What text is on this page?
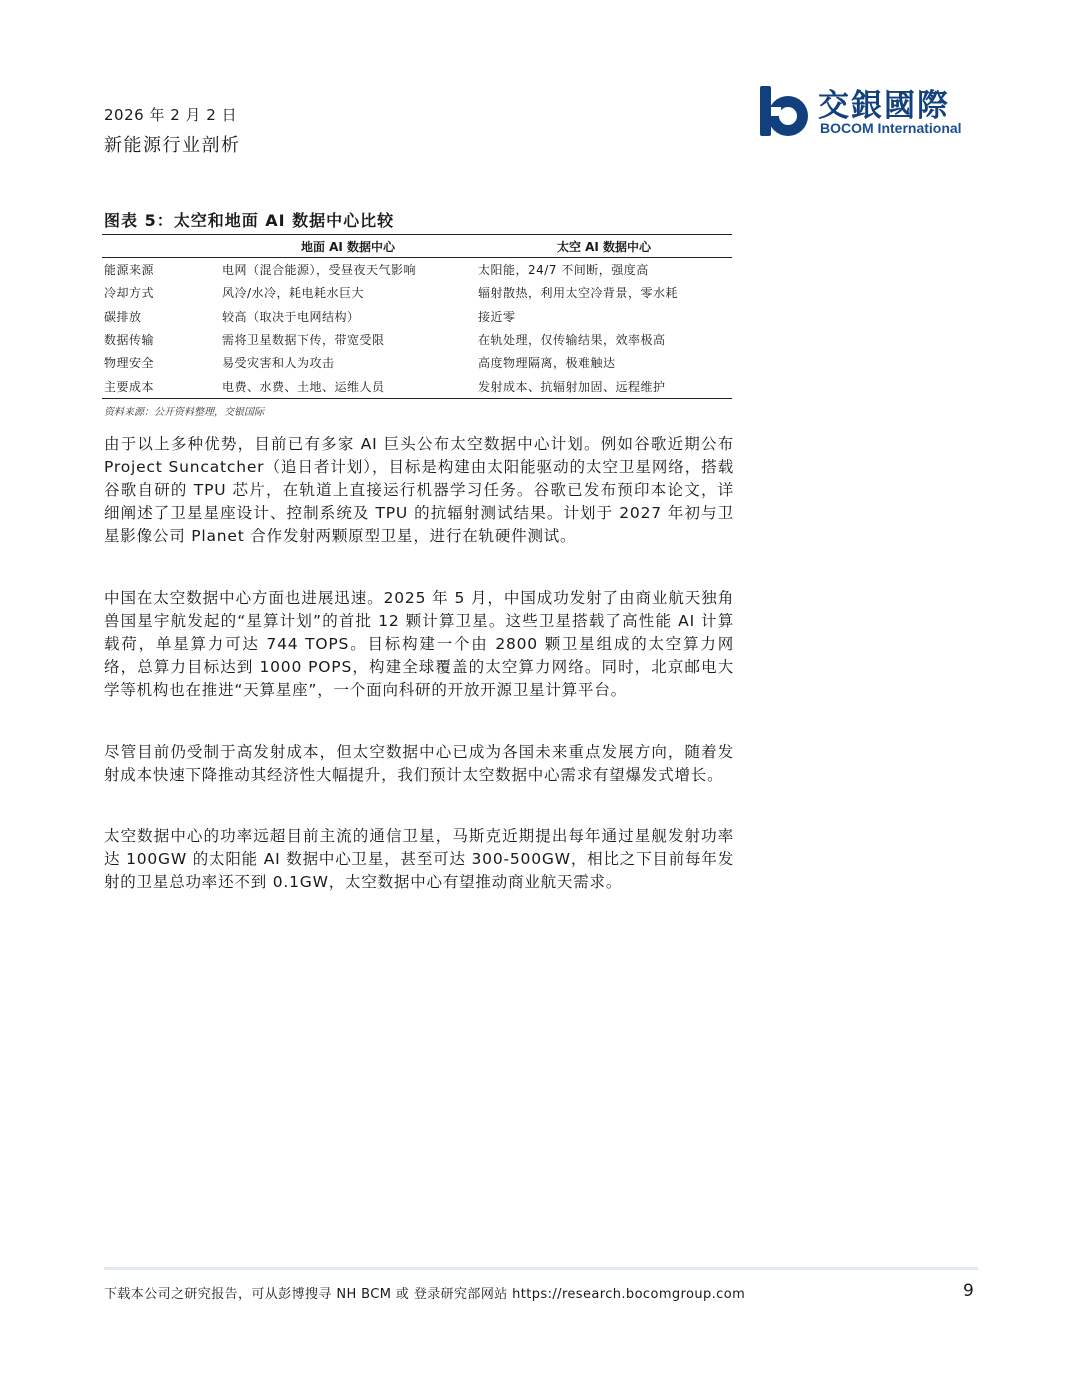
2026 年 2 月 2 日
新能源行业剖析
交銀國際
BOCOM International
图表 5：太空和地面 AI 数据中心比较
	地面 AI 数据中心	太空 AI 数据中心
能源来源	电网（混合能源），受昼夜天气影响	太阳能，24/7 不间断，强度高
冷却方式	风冷/水冷，耗电耗水巨大	辐射散热，利用太空冷背景，零水耗
碳排放	较高（取决于电网结构）	接近零
数据传输	需将卫星数据下传，带宽受限	在轨处理，仅传输结果，效率极高
物理安全	易受灾害和人为攻击	高度物理隔离，极难触达
主要成本	电费、水费、土地、运维人员	发射成本、抗辐射加固、远程维护
资料来源：公开资料整理，交银国际

由于以上多种优势，目前已有多家 AI 巨头公布太空数据中心计划。例如谷歌近期公布 Project Suncatcher（追日者计划），目标是构建由太阳能驱动的太空卫星网络，搭载谷歌自研的 TPU 芯片，在轨道上直接运行机器学习任务。谷歌已发布预印本论文，详细阐述了卫星星座设计、控制系统及 TPU 的抗辐射测试结果。计划于 2027 年初与卫星影像公司 Planet 合作发射两颗原型卫星，进行在轨硬件测试。

中国在太空数据中心方面也进展迅速。2025 年 5 月，中国成功发射了由商业航天独角兽国星宇航发起的“星算计划”的首批 12 颗计算卫星。这些卫星搭载了高性能 AI 计算载荷，单星算力可达 744 TOPS。目标构建一个由 2800 颗卫星组成的太空算力网络，总算力目标达到 1000 POPS，构建全球覆盖的太空算力网络。同时，北京邮电大学等机构也在推进“天算星座”，一个面向科研的开放开源卫星计算平台。

尽管目前仍受制于高发射成本，但太空数据中心已成为各国未来重点发展方向，随着发射成本快速下降推动其经济性大幅提升，我们预计太空数据中心需求有望爆发式增长。

太空数据中心的功率远超目前主流的通信卫星，马斯克近期提出每年通过星舰发射功率达 100GW 的太阳能 AI 数据中心卫星，甚至可达 300-500GW，相比之下目前每年发射的卫星总功率还不到 0.1GW，太空数据中心有望推动商业航天需求。

下载本公司之研究报告，可从彭博搜寻 NH BCM 或 登录研究部网站 https://research.bocomgroup.com	9
